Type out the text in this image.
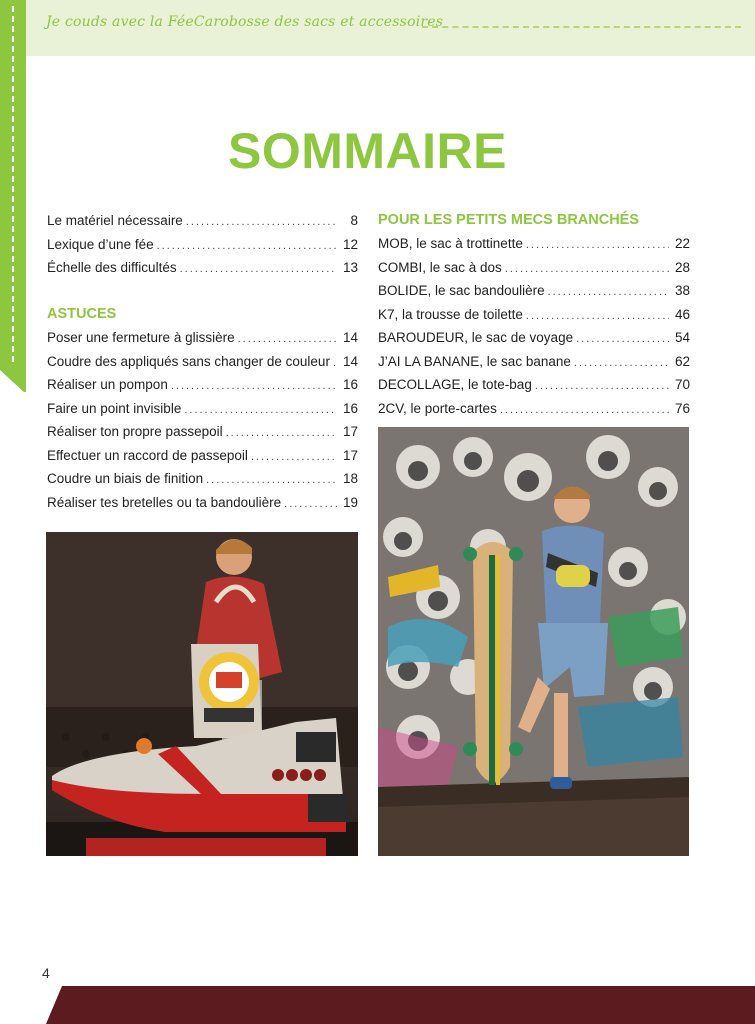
Je couds avec la FéeCarobosse des sacs et accessoires
SOMMAIRE
Le matériel nécessaire .....	8
Lexique d’une fée .....	12
Échelle des difficultés .....	13
ASTUCES
Poser une fermeture à glissière .....	14
Coudre des appliqués sans changer de couleur ..... 14
Réaliser un pompon .....	16
Faire un point invisible .....	16
Réaliser ton propre passepoil .....	17
Effectuer un raccord de passepoil .....	17
Coudre un biais de finition .....	18
Réaliser tes bretelles ou ta bandoulière .....	19
POUR LES PETITS MECS BRANCHÉS
MOB, le sac à trottinette .....	22
COMBI, le sac à dos .....	28
BOLIDE, le sac bandoulière .....	38
K7, la trousse de toilette .....	46
BAROUDEUR, le sac de voyage .....	54
J’AI LA BANANE, le sac banane .....	62
DECOLLAGE, le tote-bag .....	70
2CV, le porte-cartes .....	76
4
